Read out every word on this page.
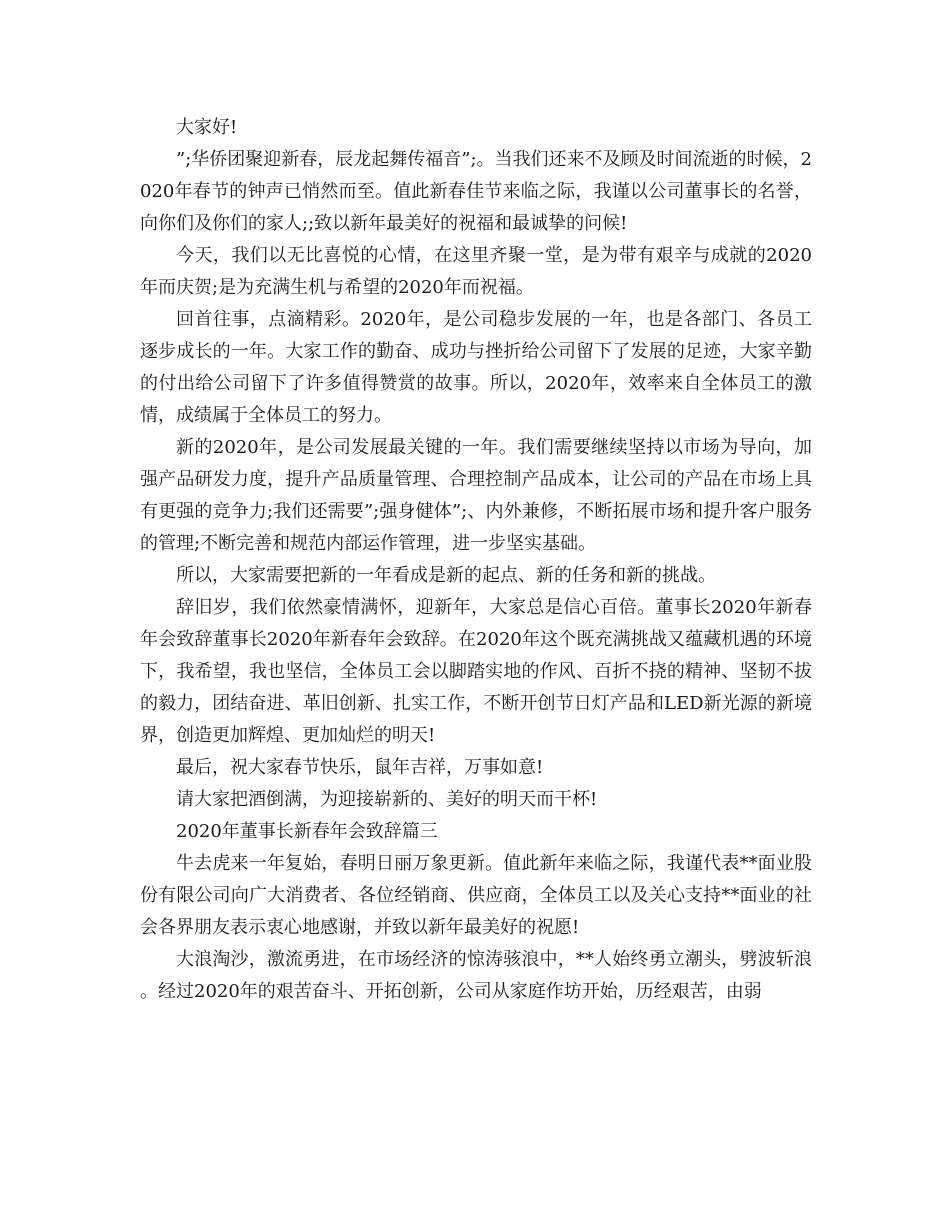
大家好!

”;华侨团聚迎新春，辰龙起舞传福音”;。当我们还来不及顾及时间流逝的时候，2020年春节的钟声已悄然而至。值此新春佳节来临之际，我谨以公司董事长的名誉，向你们及你们的家人;;致以新年最美好的祝福和最诚挚的问候!

今天，我们以无比喜悦的心情，在这里齐聚一堂，是为带有艰辛与成就的2020年而庆贺;是为充满生机与希望的2020年而祝福。

回首往事，点滴精彩。2020年，是公司稳步发展的一年，也是各部门、各员工逐步成长的一年。大家工作的勤奋、成功与挫折给公司留下了发展的足迹，大家辛勤的付出给公司留下了许多值得赞赏的故事。所以，2020年，效率来自全体员工的激情，成绩属于全体员工的努力。

新的2020年，是公司发展最关键的一年。我们需要继续坚持以市场为导向，加强产品研发力度，提升产品质量管理、合理控制产品成本，让公司的产品在市场上具有更强的竞争力;我们还需要”;强身健体”;、内外兼修，不断拓展市场和提升客户服务的管理;不断完善和规范内部运作管理，进一步坚实基础。

所以，大家需要把新的一年看成是新的起点、新的任务和新的挑战。

辞旧岁，我们依然豪情满怀，迎新年，大家总是信心百倍。董事长2020年新春年会致辞董事长2020年新春年会致辞。在2020年这个既充满挑战又蕴藏机遇的环境下，我希望，我也坚信，全体员工会以脚踏实地的作风、百折不挠的精神、坚韧不拔的毅力，团结奋进、革旧创新、扎实工作，不断开创节日灯产品和LED新光源的新境界，创造更加辉煌、更加灿烂的明天!

最后，祝大家春节快乐，鼠年吉祥，万事如意!

请大家把酒倒满，为迎接崭新的、美好的明天而干杯!

2020年董事长新春年会致辞篇三

牛去虎来一年复始，春明日丽万象更新。值此新年来临之际，我谨代表**面业股份有限公司向广大消费者、各位经销商、供应商，全体员工以及关心支持**面业的社会各界朋友表示衷心地感谢，并致以新年最美好的祝愿!

大浪淘沙，激流勇进，在市场经济的惊涛骇浪中，**人始终勇立潮头，劈波斩浪。经过2020年的艰苦奋斗、开拓创新，公司从家庭作坊开始，历经艰苦，由弱
